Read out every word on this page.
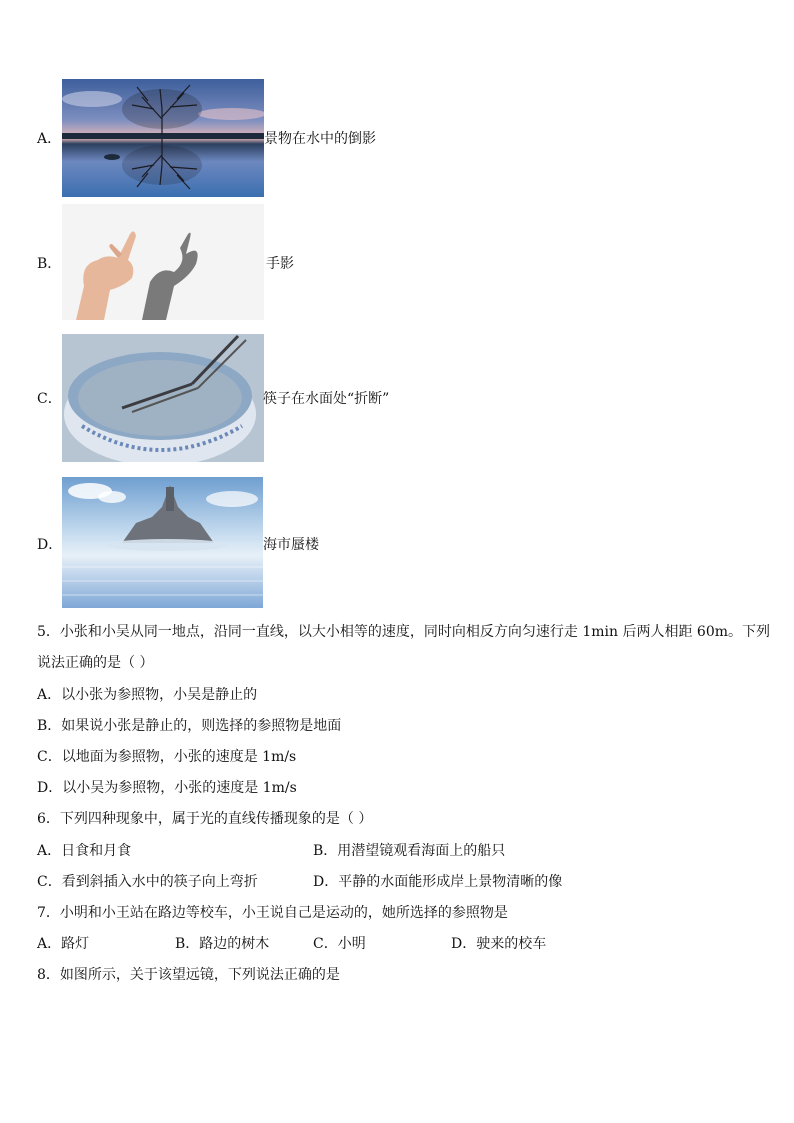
A．	景物在水中的倒影
B．	手影
C．	筷子在水面处“折断”
D．	海市蜃楼
5．小张和小吴从同一地点，沿同一直线，以大小相等的速度，同时向相反方向匀速行走 1min 后两人相距 60m。下列
说法正确的是（ ）
A．以小张为参照物，小吴是静止的
B．如果说小张是静止的，则选择的参照物是地面
C．以地面为参照物，小张的速度是 1m/s
D．以小吴为参照物，小张的速度是 1m/s
6．下列四种现象中，属于光的直线传播现象的是（ ）
A．日食和月食	B．用潜望镜观看海面上的船只
C．看到斜插入水中的筷子向上弯折	D．平静的水面能形成岸上景物清晰的像
7．小明和小王站在路边等校车，小王说自己是运动的，她所选择的参照物是
A．路灯	B．路边的树木	C．小明	D．驶来的校车
8．如图所示，关于该望远镜，下列说法正确的是
